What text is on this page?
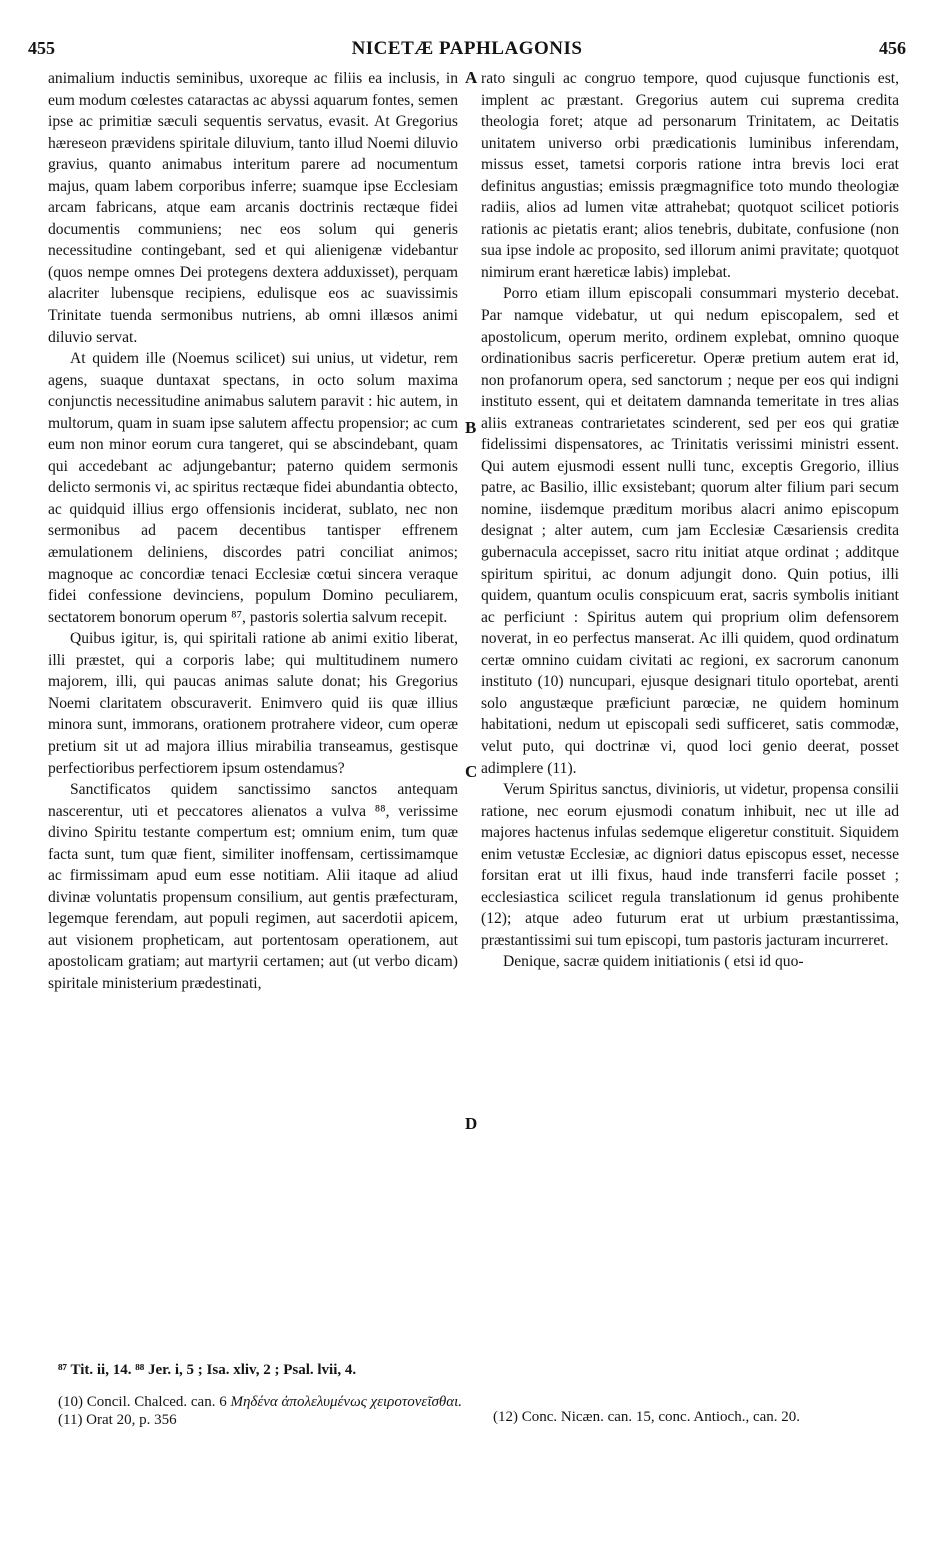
455	NICETÆ PAPHLAGONIS	456

animalium inductis seminibus, uxoreque ac filiis ea inclusis, in eum modum cœlestes cataractas ac abyssi aquarum fontes, semen ipse ac primitiæ sæculi sequentis servatus, evasit. At Gregorius hæreseon prævidens spiritale diluvium, tanto illud Noemi diluvio gravius, quanto animabus interitum parere ad nocumentum majus, quam labem corporibus inferre; suamque ipse Ecclesiam arcam fabricans, atque eam arcanis doctrinis rectæque fidei documentis communiens; nec eos solum qui generis necessitudine contingebant, sed et qui alienigenæ videbantur (quos nempe omnes Dei protegens dextera adduxisset), perquam alacriter lubensque recipiens, edulisque eos ac suavissimis Trinitate tuenda sermonibus nutriens, ab omni illæsos animi diluvio servat.

At quidem ille (Noemus scilicet) sui unius, ut videtur, rem agens, suaque duntaxat spectans, in octo solum maxima conjunctis necessitudine animabus salutem paravit : hic autem, in multorum, quam in suam ipse salutem affectu propensior; ac cum eum non minor eorum cura tangeret, qui se abscindebant, quam qui accedebant ac adjungebantur; paterno quidem sermonis delicto sermonis vi, ac spiritus rectæque fidei abundantia obtecto, ac quidquid illius ergo offensionis inciderat, sublato, nec non sermonibus ad pacem decentibus tantisper effrenem æmulationem deliniens, discordes patri conciliat animos; magnoque ac concordiæ tenaci Ecclesiæ cœtui sincera veraque fidei confessione devinciens, populum Domino peculiarem, sectatorem bonorum operum ⁸⁷, pastoris solertia salvum recepit.

Quibus igitur, is, qui spiritali ratione ab animi exitio liberat, illi præstet, qui a corporis labe; qui multitudinem numero majorem, illi, qui paucas animas salute donat; his Gregorius Noemi claritatem obscuraverit. Enimvero quid iis quæ illius minora sunt, immorans, orationem protrahere videor, cum operæ pretium sit ut ad majora illius mirabilia transeamus, gestisque perfectioribus perfectiorem ipsum ostendamus?

Sanctificatos quidem sanctissimo sanctos antequam nascerentur, uti et peccatores alienatos a vulva ⁸⁸, verissime divino Spiritu testante compertum est; omnium enim, tum quæ facta sunt, tum quæ fient, similiter inoffensam, certissimamque ac firmissimam apud eum esse notitiam. Alii itaque ad aliud divinæ voluntatis propensum consilium, aut gentis præfecturam, legemque ferendam, aut populi regimen, aut sacerdotii apicem, aut visionem propheticam, aut portentosam operationem, aut apostolicam gratiam; aut martyrii certamen; aut (ut verbo dicam) spiritale ministerium prædestinati,

A
B
C
D

rato singuli ac congruo tempore, quod cujusque functionis est, implent ac præstant. Gregorius autem cui suprema credita theologia foret; atque ad personarum Trinitatem, ac Deitatis unitatem universo orbi prædicationis luminibus inferendam, missus esset, tametsi corporis ratione intra brevis loci erat definitus angustias; emissis prægmagnifice toto mundo theologiæ radiis, alios ad lumen vitæ attrahebat; quotquot scilicet potioris rationis ac pietatis erant; alios tenebris, dubitate, confusione (non sua ipse indole ac proposito, sed illorum animi pravitate; quotquot nimirum erant hæreticæ labis) implebat.

Porro etiam illum episcopali consummari mysterio decebat. Par namque videbatur, ut qui nedum episcopalem, sed et apostolicum, operum merito, ordinem explebat, omnino quoque ordinationibus sacris perficeretur. Operæ pretium autem erat id, non profanorum opera, sed sanctorum ; neque per eos qui indigni instituto essent, qui et deitatem damnanda temeritate in tres alias aliis extraneas contrarietates scinderent, sed per eos qui gratiæ fidelissimi dispensatores, ac Trinitatis verissimi ministri essent. Qui autem ejusmodi essent nulli tunc, exceptis Gregorio, illius patre, ac Basilio, illic exsistebant; quorum alter filium pari secum nomine, iisdemque præditum moribus alacri animo episcopum designat ; alter autem, cum jam Ecclesiæ Cæsariensis credita gubernacula accepisset, sacro ritu initiat atque ordinat ; additque spiritum spiritui, ac donum adjungit dono. Quin potius, illi quidem, quantum oculis conspicuum erat, sacris symbolis initiant ac perficiunt : Spiritus autem qui proprium olim defensorem noverat, in eo perfectus manserat. Ac illi quidem, quod ordinatum certæ omnino cuidam civitati ac regioni, ex sacrorum canonum instituto (10) nuncupari, ejusque designari titulo oportebat, arenti solo angustæque præficiunt parœciæ, ne quidem hominum habitationi, nedum ut episcopali sedi sufficeret, satis commodæ, velut puto, qui doctrinæ vi, quod loci genio deerat, posset adimplere (11).

Verum Spiritus sanctus, divinioris, ut videtur, propensa consilii ratione, nec eorum ejusmodi conatum inhibuit, nec ut ille ad majores hactenus infulas sedemque eligeretur constituit. Siquidem enim vetustæ Ecclesiæ, ac digniori datus episcopus esset, necesse forsitan erat ut illi fixus, haud inde transferri facile posset ; ecclesiastica scilicet regula translationum id genus prohibente (12); atque adeo futurum erat ut urbium præstantissima, præstantissimi sui tum episcopi, tum pastoris jacturam incurreret.

Denique, sacræ quidem initiationis ( etsi id quo-

⁸⁷ Tit. ii, 14. ⁸⁸ Jer. i, 5 ; Isa. xliv, 2 ; Psal. lvii, 4.

(10) Concil. Chalced. can. 6 Μηδένα ἀπολελυμένως χειροτονεῖσθαι.

(11) Orat 20, p. 356	(12) Conc. Nicæn. can. 15, conc. Antioch., can. 20.
